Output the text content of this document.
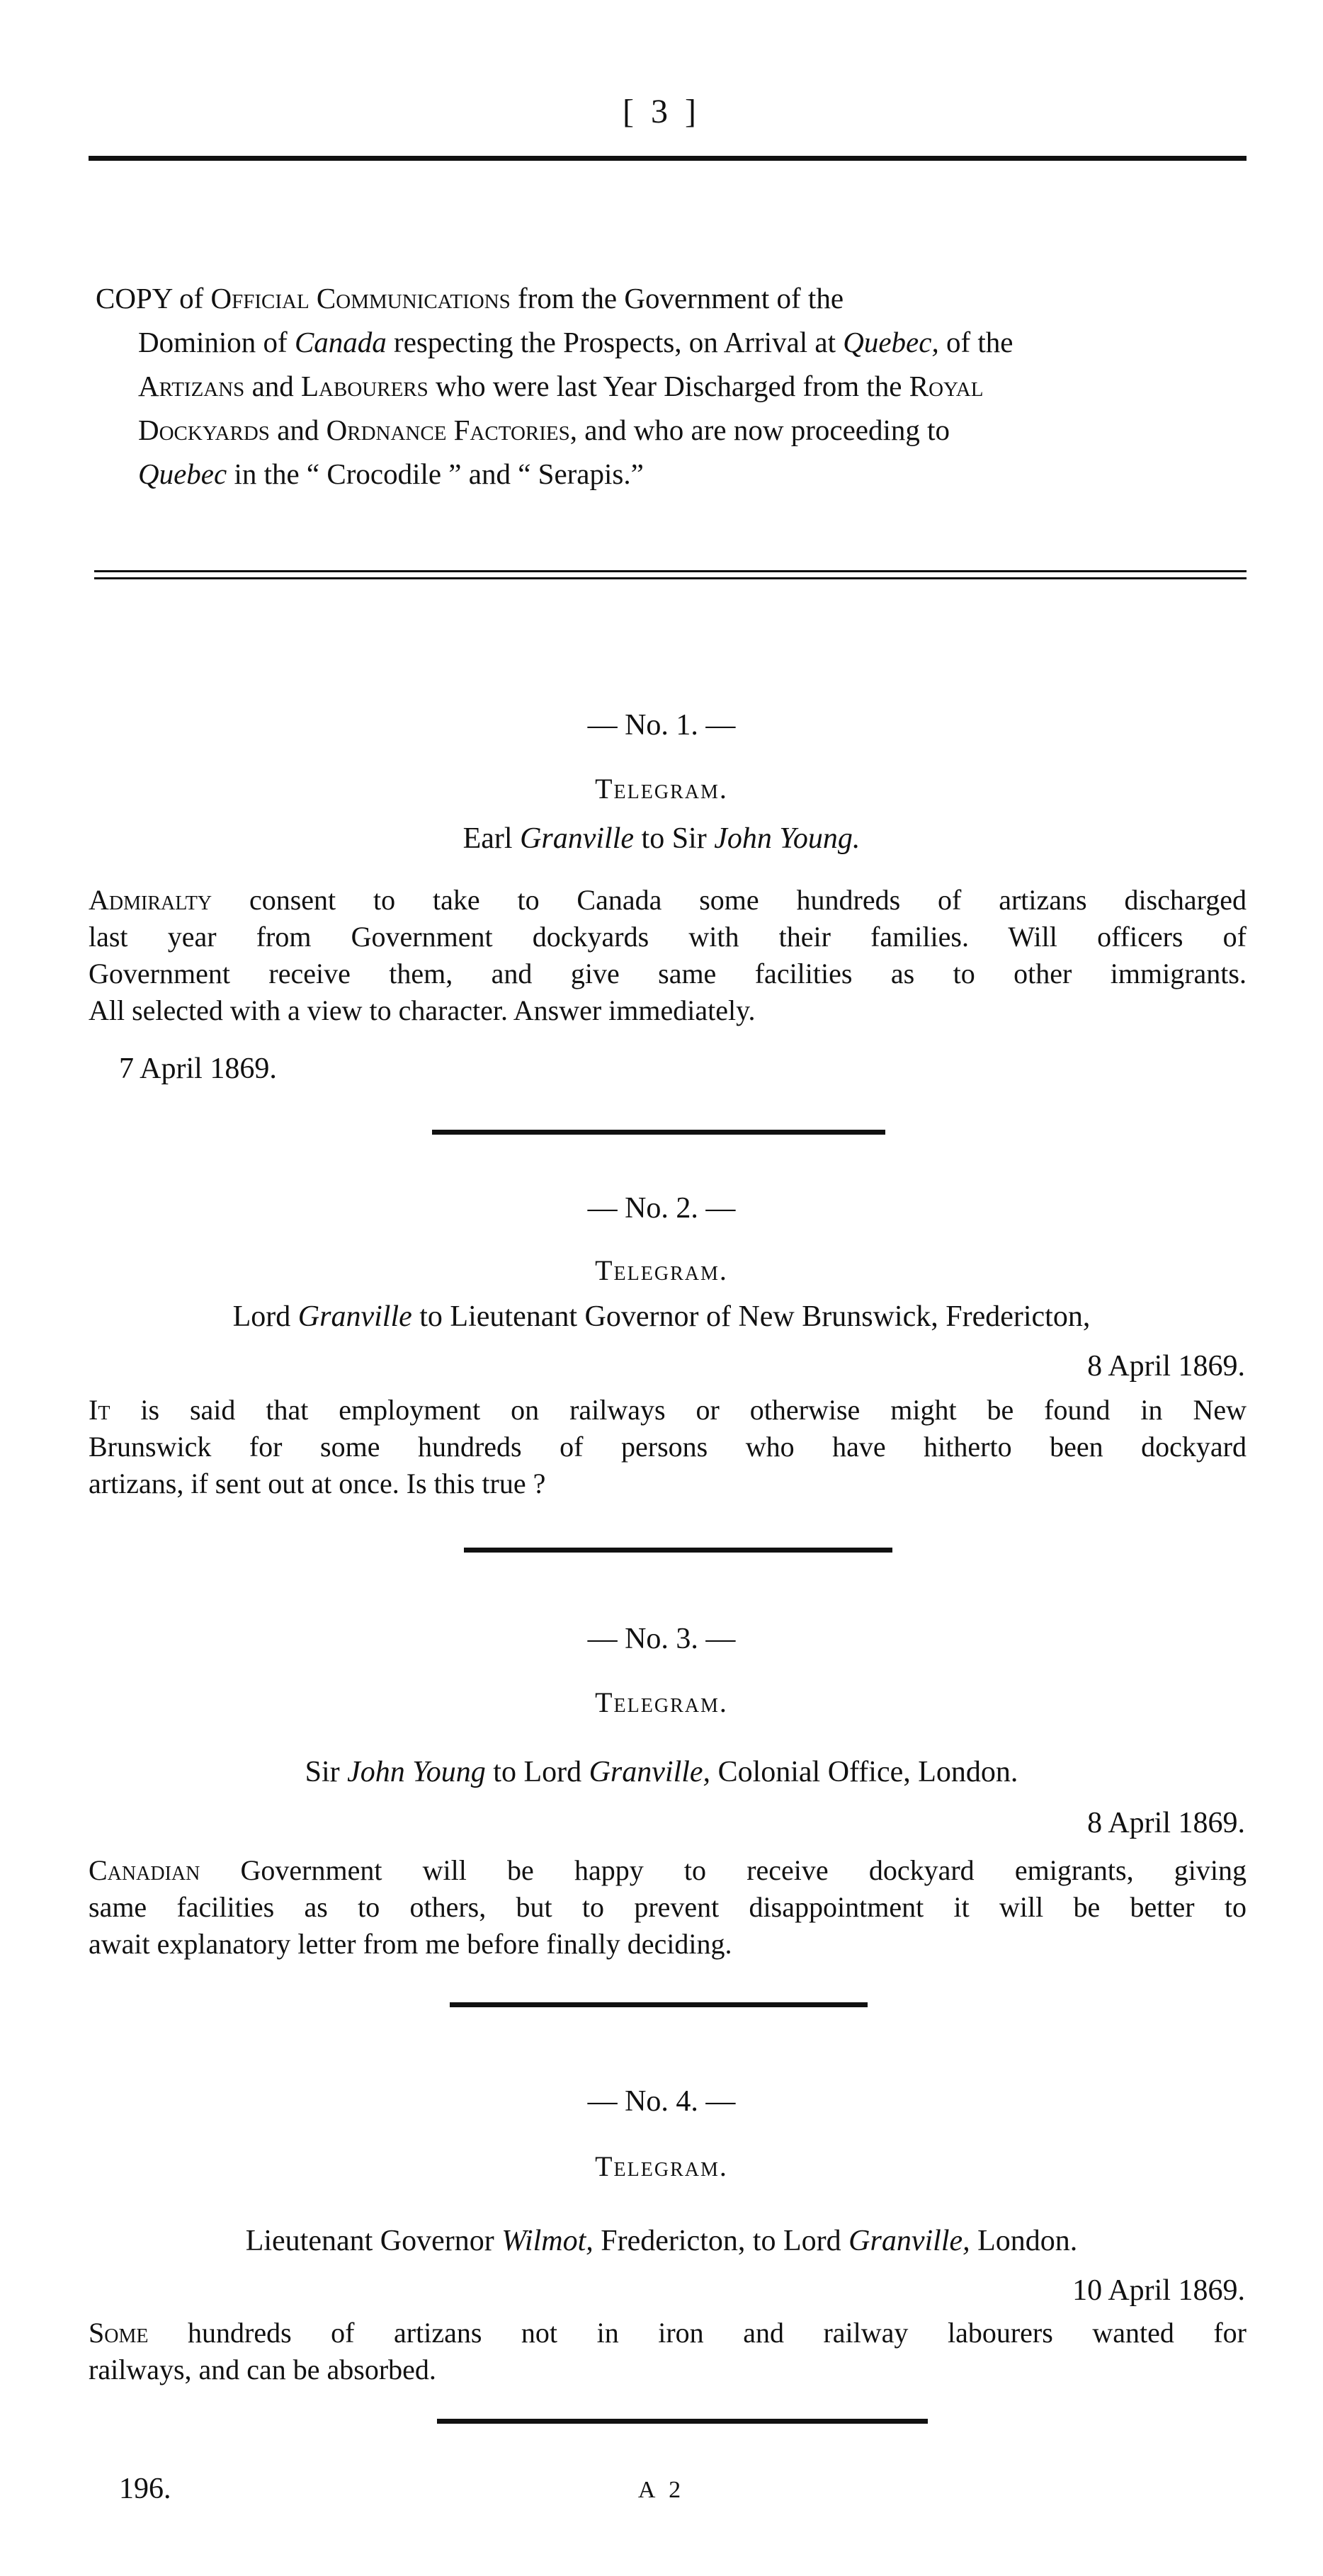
[ 3 ]
COPY of Official Communications from the Government of the
Dominion of Canada respecting the Prospects, on Arrival at Quebec, of the
Artizans and Labourers who were last Year Discharged from the Royal
Dockyards and Ordnance Factories, and who are now proceeding to
Quebec in the “ Crocodile ” and “ Serapis.”
— No. 1. —
Telegram.
Earl Granville to Sir John Young.
Admiralty consent to take to Canada some hundreds of artizans discharged
last year from Government dockyards with their families. Will officers of
Government receive them, and give same facilities as to other immigrants.
All selected with a view to character. Answer immediately.
7 April 1869.
— No. 2. —
Telegram.
Lord Granville to Lieutenant Governor of New Brunswick, Fredericton,
8 April 1869.
It is said that employment on railways or otherwise might be found in New
Brunswick for some hundreds of persons who have hitherto been dockyard
artizans, if sent out at once. Is this true ?
— No. 3. —
Telegram.
Sir John Young to Lord Granville, Colonial Office, London.
8 April 1869.
Canadian Government will be happy to receive dockyard emigrants, giving
same facilities as to others, but to prevent disappointment it will be better to
await explanatory letter from me before finally deciding.
— No. 4. —
Telegram.
Lieutenant Governor Wilmot, Fredericton, to Lord Granville, London.
10 April 1869.
Some hundreds of artizans not in iron and railway labourers wanted for
railways, and can be absorbed.
196.	A 2
